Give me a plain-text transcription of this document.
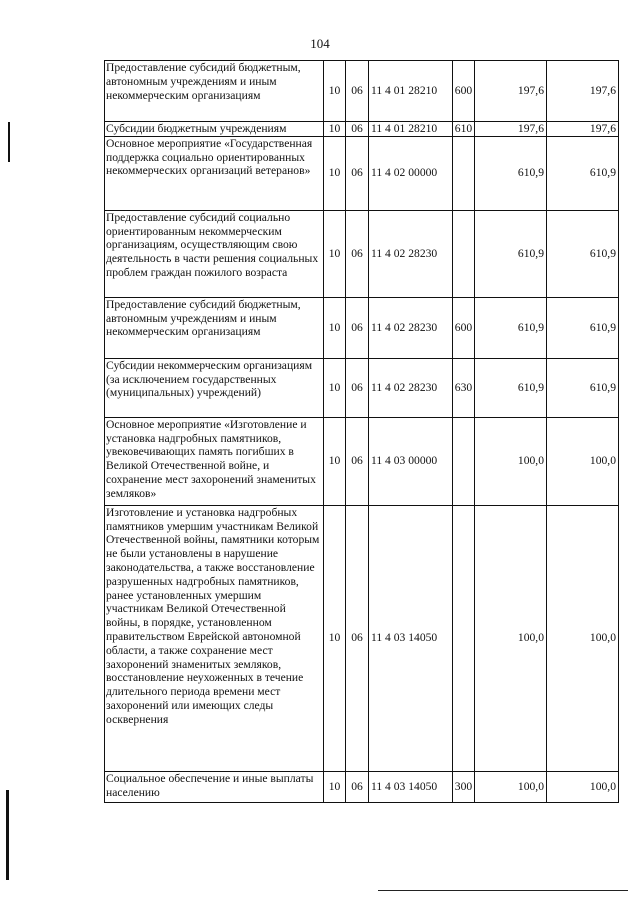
104
Предоставление субсидий бюджетным, автономным учреждениям и иным некоммерческим организациям	10	06	11 4 01 28210	600	197,6	197,6
Субсидии бюджетным учреждениям	10	06	11 4 01 28210	610	197,6	197,6
Основное мероприятие «Государственная поддержка социально ориентированных некоммерческих организаций ветеранов»	10	06	11 4 02 00000		610,9	610,9
Предоставление субсидий социально ориентированным некоммерческим организациям, осуществляющим свою деятельность в части решения социальных проблем граждан пожилого возраста	10	06	11 4 02 28230		610,9	610,9
Предоставление субсидий бюджетным, автономным учреждениям и иным некоммерческим организациям	10	06	11 4 02 28230	600	610,9	610,9
Субсидии некоммерческим организациям (за исключением государственных (муниципальных) учреждений)	10	06	11 4 02 28230	630	610,9	610,9
Основное мероприятие «Изготовление и установка надгробных памятников, увековечивающих память погибших в Великой Отечественной войне, и сохранение мест захоронений знаменитых земляков»	10	06	11 4 03 00000		100,0	100,0
Изготовление и установка надгробных памятников умершим участникам Великой Отечественной войны, памятники которым не были установлены в нарушение законодательства, а также восстановление разрушенных надгробных памятников, ранее установленных умершим участникам Великой Отечественной войны, в порядке, установленном правительством Еврейской автономной области, а также сохранение мест захоронений знаменитых земляков, восстановление неухоженных в течение длительного периода времени мест захоронений или имеющих следы осквернения	10	06	11 4 03 14050		100,0	100,0
Социальное обеспечение и иные выплаты населению	10	06	11 4 03 14050	300	100,0	100,0
